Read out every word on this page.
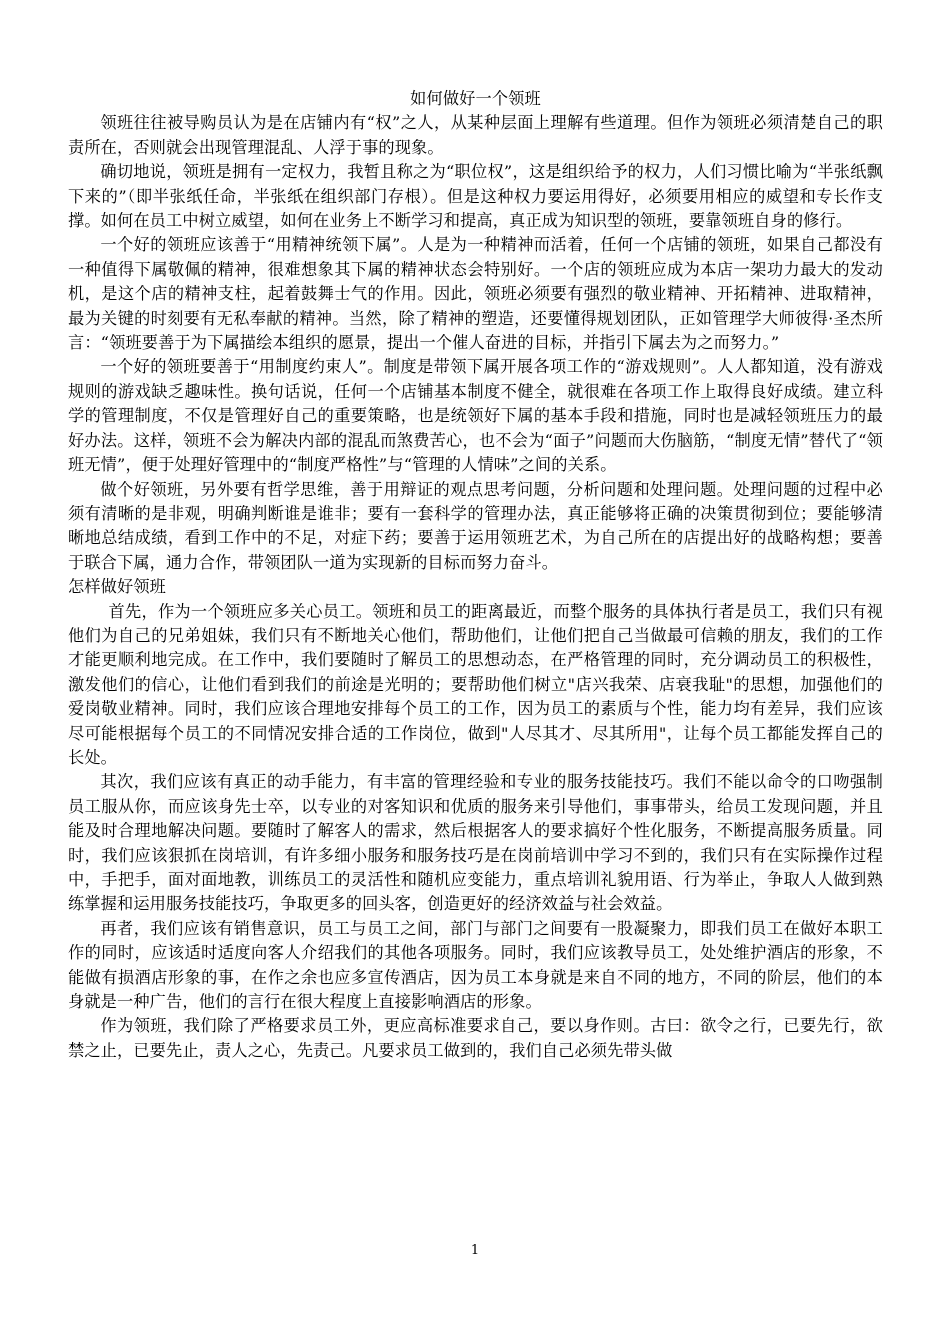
如何做好一个领班

领班往往被导购员认为是在店铺内有“权”之人，从某种层面上理解有些道理。但作为领班必须清楚自己的职责所在，否则就会出现管理混乱、人浮于事的现象。

确切地说，领班是拥有一定权力，我暂且称之为“职位权”，这是组织给予的权力，人们习惯比喻为“半张纸飘下来的”（即半张纸任命，半张纸在组织部门存根）。但是这种权力要运用得好，必须要用相应的威望和专长作支撑。如何在员工中树立威望，如何在业务上不断学习和提高，真正成为知识型的领班，要靠领班自身的修行。

一个好的领班应该善于“用精神统领下属”。人是为一种精神而活着，任何一个店铺的领班，如果自己都没有一种值得下属敬佩的精神，很难想象其下属的精神状态会特别好。一个店的领班应成为本店一架功力最大的发动机，是这个店的精神支柱，起着鼓舞士气的作用。因此，领班必须要有强烈的敬业精神、开拓精神、进取精神，最为关键的时刻要有无私奉献的精神。当然，除了精神的塑造，还要懂得规划团队，正如管理学大师彼得·圣杰所言：“领班要善于为下属描绘本组织的愿景，提出一个催人奋进的目标，并指引下属去为之而努力。”

一个好的领班要善于“用制度约束人”。制度是带领下属开展各项工作的“游戏规则”。人人都知道，没有游戏规则的游戏缺乏趣味性。换句话说，任何一个店铺基本制度不健全，就很难在各项工作上取得良好成绩。建立科学的管理制度，不仅是管理好自己的重要策略，也是统领好下属的基本手段和措施，同时也是减轻领班压力的最好办法。这样，领班不会为解决内部的混乱而煞费苦心，也不会为“面子”问题而大伤脑筋，“制度无情”替代了“领班无情”，便于处理好管理中的“制度严格性”与“管理的人情味”之间的关系。

做个好领班，另外要有哲学思维，善于用辩证的观点思考问题，分析问题和处理问题。处理问题的过程中必须有清晰的是非观，明确判断谁是谁非；要有一套科学的管理办法，真正能够将正确的决策贯彻到位；要能够清晰地总结成绩，看到工作中的不足，对症下药；要善于运用领班艺术，为自己所在的店提出好的战略构想；要善于联合下属，通力合作，带领团队一道为实现新的目标而努力奋斗。

怎样做好领班

首先，作为一个领班应多关心员工。领班和员工的距离最近，而整个服务的具体执行者是员工，我们只有视他们为自己的兄弟姐妹，我们只有不断地关心他们，帮助他们，让他们把自己当做最可信赖的朋友，我们的工作才能更顺利地完成。在工作中，我们要随时了解员工的思想动态，在严格管理的同时，充分调动员工的积极性，激发他们的信心，让他们看到我们的前途是光明的；要帮助他们树立"店兴我荣、店衰我耻"的思想，加强他们的爱岗敬业精神。同时，我们应该合理地安排每个员工的工作，因为员工的素质与个性，能力均有差异，我们应该尽可能根据每个员工的不同情况安排合适的工作岗位，做到"人尽其才、尽其所用"，让每个员工都能发挥自己的长处。

其次，我们应该有真正的动手能力，有丰富的管理经验和专业的服务技能技巧。我们不能以命令的口吻强制员工服从你，而应该身先士卒，以专业的对客知识和优质的服务来引导他们，事事带头，给员工发现问题，并且能及时合理地解决问题。要随时了解客人的需求，然后根据客人的要求搞好个性化服务，不断提高服务质量。同时，我们应该狠抓在岗培训，有许多细小服务和服务技巧是在岗前培训中学习不到的，我们只有在实际操作过程中，手把手，面对面地教，训练员工的灵活性和随机应变能力，重点培训礼貌用语、行为举止，争取人人做到熟练掌握和运用服务技能技巧，争取更多的回头客，创造更好的经济效益与社会效益。

再者，我们应该有销售意识，员工与员工之间，部门与部门之间要有一股凝聚力，即我们员工在做好本职工作的同时，应该适时适度向客人介绍我们的其他各项服务。同时，我们应该教导员工，处处维护酒店的形象，不能做有损酒店形象的事，在作之余也应多宣传酒店，因为员工本身就是来自不同的地方，不同的阶层，他们的本身就是一种广告，他们的言行在很大程度上直接影响酒店的形象。

作为领班，我们除了严格要求员工外，更应高标准要求自己，要以身作则。古曰：欲令之行，已要先行，欲禁之止，已要先止，责人之心，先责己。凡要求员工做到的，我们自己必须先带头做

1
